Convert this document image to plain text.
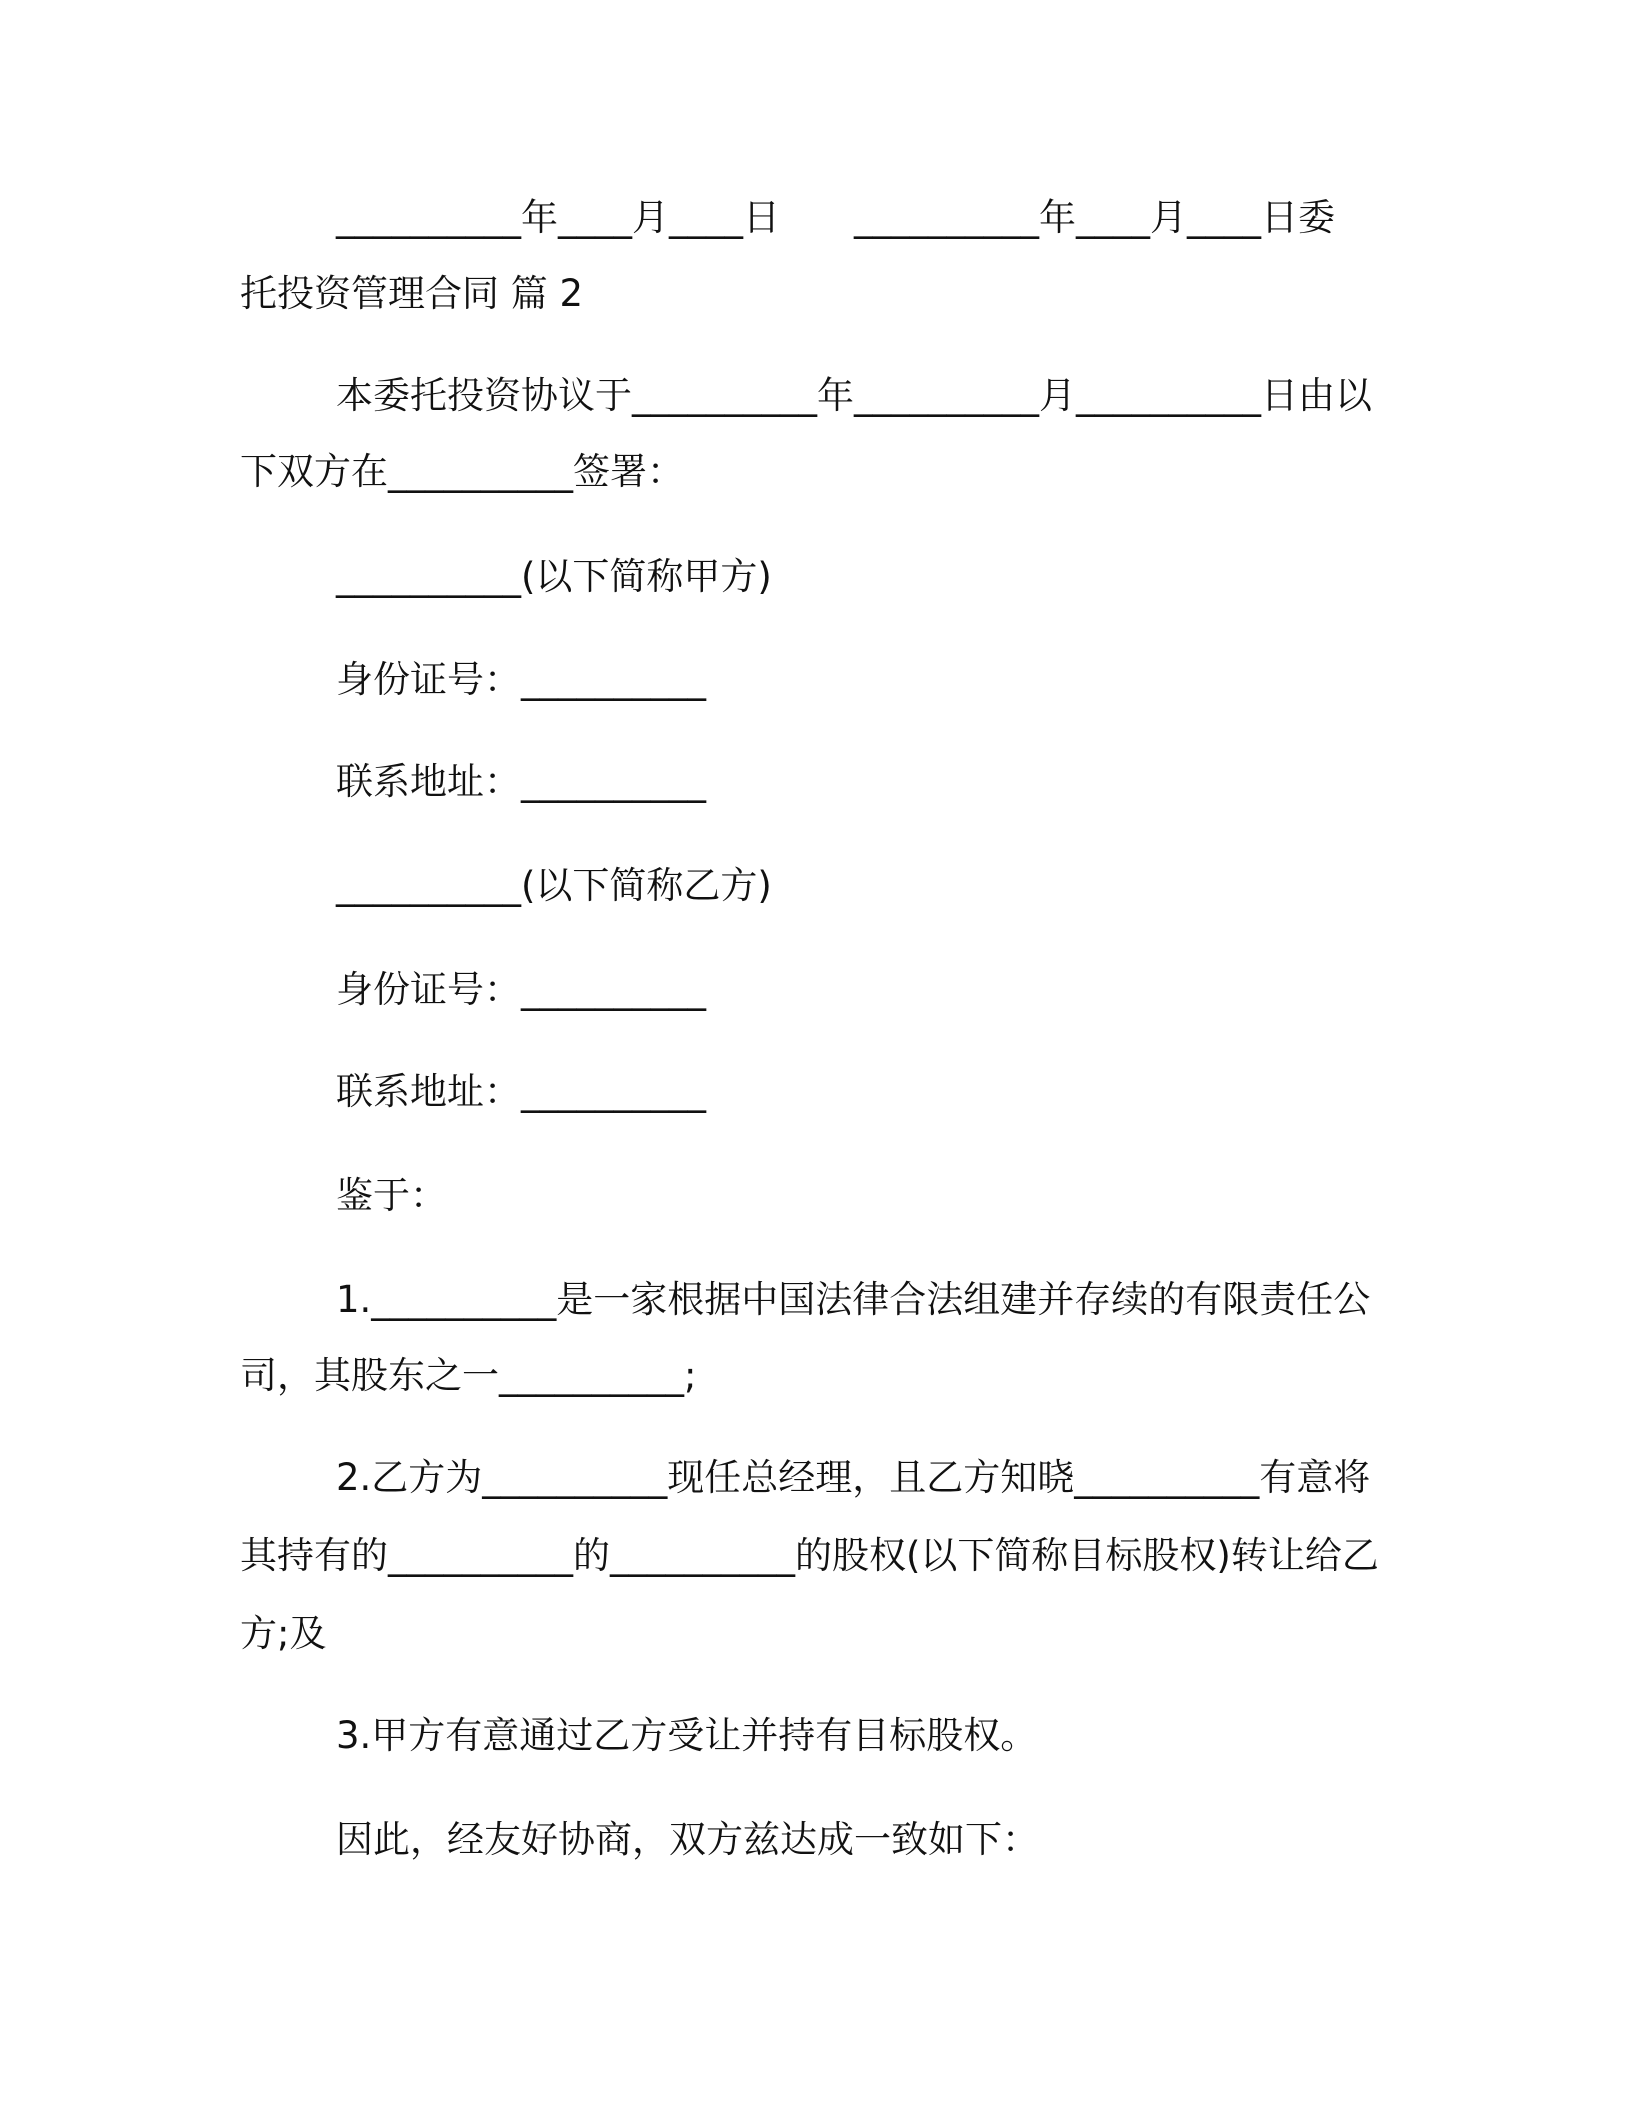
__________年____月____日　　__________年____月____日委
托投资管理合同 篇 2
本委托投资协议于__________年__________月__________日由以
下双方在__________签署：
__________(以下简称甲方)
身份证号：__________
联系地址：__________
__________(以下简称乙方)
身份证号：__________
联系地址：__________
鉴于：
1.__________是一家根据中国法律合法组建并存续的有限责任公
司，其股东之一__________;
2.乙方为__________现任总经理，且乙方知晓__________有意将
其持有的__________的__________的股权(以下简称目标股权)转让给乙
方;及
3.甲方有意通过乙方受让并持有目标股权。
因此，经友好协商，双方兹达成一致如下：
